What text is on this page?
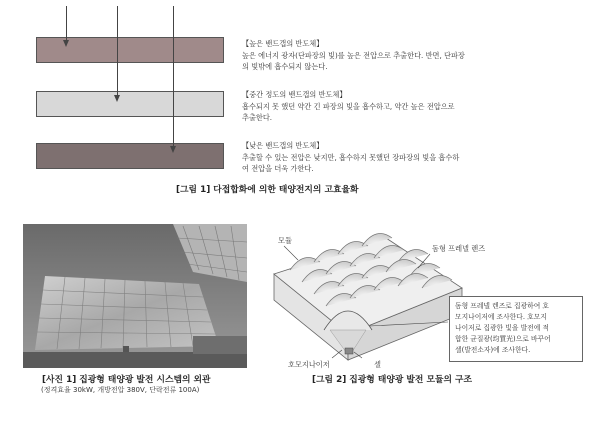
【높은 밴드갭의 반도체】
높은 에너지 광자(단파장의 빛)를 높은 전압으로 추출한다. 반면, 단파장
의 빛밖에 흡수되지 않는다.
【중간 정도의 밴드갭의 반도체】
흡수되지 못 했던 약간 긴 파장의 빛을 흡수하고, 약간 높은 전압으로
추출한다.
【낮은 밴드갭의 반도체】
추출할 수 있는 전압은 낮지만, 흡수하지 못했던 장파장의 빛을 흡수하
여 전압을 더욱 가한다.
[그림 1] 다접합화에 의한 태양전지의 고효율화
[사진 1] 집광형 태양광 발전 시스템의 외관
(정격효율 30kW, 개방전압 380V, 단락전류 100A)
모듈
돔형 프레넬 렌즈
호모지나이저	셀
돔형 프레넬 렌즈로 집광하여 호
모지나이저에 조사한다. 호모지
나이저로 집광한 빛을 발전에 적
합한 균질광(均質光)으로 바꾸어
셀(발전소자)에 조사한다.
[그림 2] 집광형 태양광 발전 모듈의 구조
